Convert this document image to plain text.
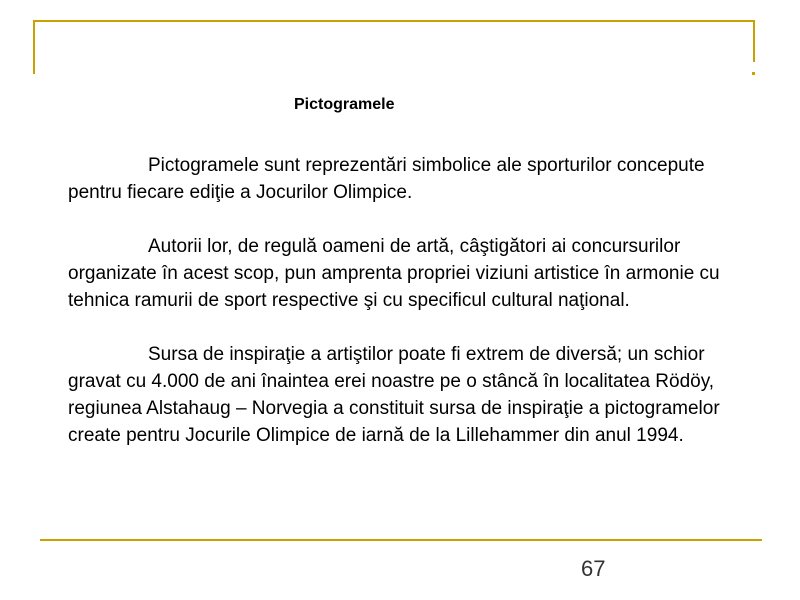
Pictogramele

Pictogramele sunt reprezentări simbolice ale sporturilor concepute pentru fiecare ediţie a Jocurilor Olimpice.

Autorii lor, de regulă oameni de artă, câştigători ai concursurilor organizate în acest scop, pun amprenta propriei viziuni artistice în armonie cu tehnica ramurii de sport respective şi cu specificul cultural naţional.

Sursa de inspiraţie a artiştilor poate fi extrem de diversă; un schior gravat cu 4.000 de ani înaintea erei noastre pe o stâncă în localitatea Rödöy, regiunea Alstahaug – Norvegia a constituit sursa de inspiraţie a pictogramelor create pentru Jocurile Olimpice de iarnă de la Lillehammer din anul 1994.

67
